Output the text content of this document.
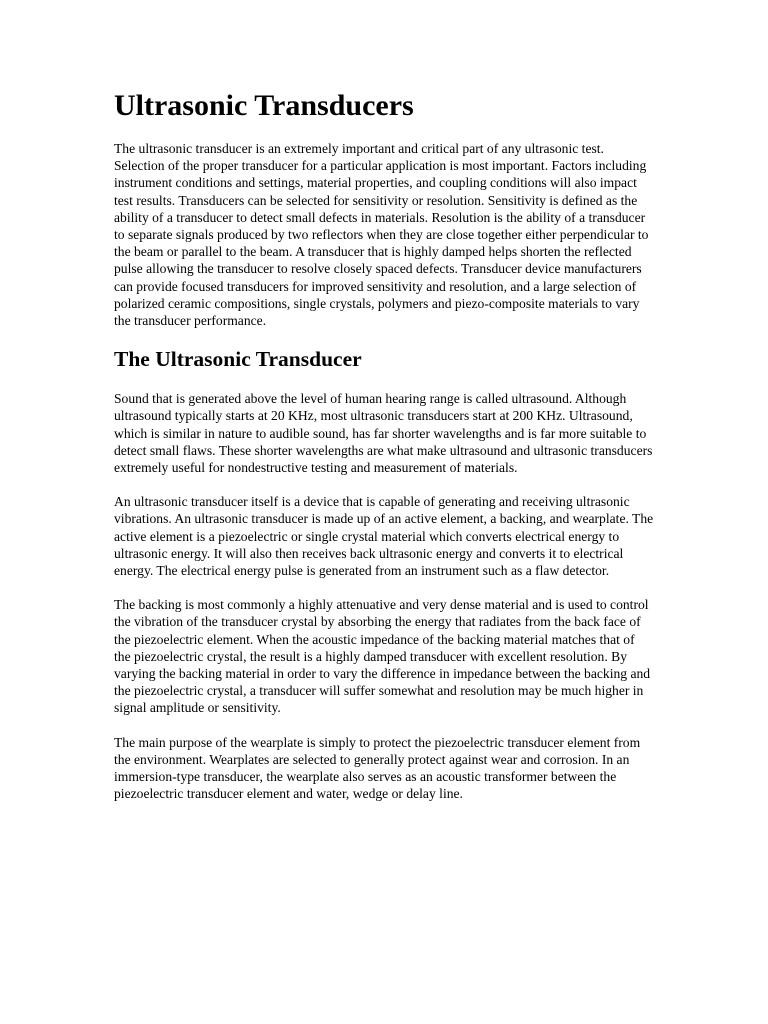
Ultrasonic Transducers

The ultrasonic transducer is an extremely important and critical part of any ultrasonic test. Selection of the proper transducer for a particular application is most important. Factors including instrument conditions and settings, material properties, and coupling conditions will also impact test results. Transducers can be selected for sensitivity or resolution. Sensitivity is defined as the ability of a transducer to detect small defects in materials. Resolution is the ability of a transducer to separate signals produced by two reflectors when they are close together either perpendicular to the beam or parallel to the beam. A transducer that is highly damped helps shorten the reflected pulse allowing the transducer to resolve closely spaced defects. Transducer device manufacturers can provide focused transducers for improved sensitivity and resolution, and a large selection of polarized ceramic compositions, single crystals, polymers and piezo-composite materials to vary the transducer performance.

The Ultrasonic Transducer

Sound that is generated above the level of human hearing range is called ultrasound. Although ultrasound typically starts at 20 KHz, most ultrasonic transducers start at 200 KHz. Ultrasound, which is similar in nature to audible sound, has far shorter wavelengths and is far more suitable to detect small flaws. These shorter wavelengths are what make ultrasound and ultrasonic transducers extremely useful for nondestructive testing and measurement of materials.

An ultrasonic transducer itself is a device that is capable of generating and receiving ultrasonic vibrations. An ultrasonic transducer is made up of an active element, a backing, and wearplate. The active element is a piezoelectric or single crystal material which converts electrical energy to ultrasonic energy. It will also then receives back ultrasonic energy and converts it to electrical energy. The electrical energy pulse is generated from an instrument such as a flaw detector.

The backing is most commonly a highly attenuative and very dense material and is used to control the vibration of the transducer crystal by absorbing the energy that radiates from the back face of the piezoelectric element. When the acoustic impedance of the backing material matches that of the piezoelectric crystal, the result is a highly damped transducer with excellent resolution. By varying the backing material in order to vary the difference in impedance between the backing and the piezoelectric crystal, a transducer will suffer somewhat and resolution may be much higher in signal amplitude or sensitivity.

The main purpose of the wearplate is simply to protect the piezoelectric transducer element from the environment. Wearplates are selected to generally protect against wear and corrosion. In an immersion-type transducer, the wearplate also serves as an acoustic transformer between the piezoelectric transducer element and water, wedge or delay line.
